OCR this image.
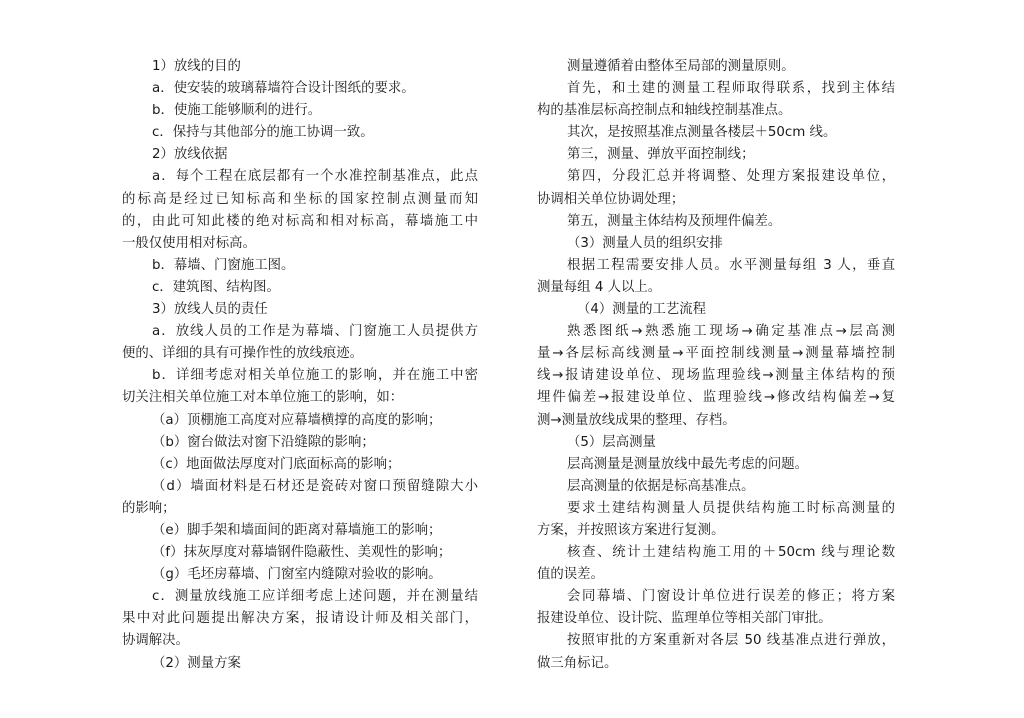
1）放线的目的
a．使安装的玻璃幕墙符合设计图纸的要求。
b．使施工能够顺利的进行。
c．保持与其他部分的施工协调一致。
2）放线依据
a．每个工程在底层都有一个水准控制基准点，此点
的标高是经过已知标高和坐标的国家控制点测量而知
的，由此可知此楼的绝对标高和相对标高，幕墙施工中
一般仅使用相对标高。
b．幕墙、门窗施工图。
c．建筑图、结构图。
3）放线人员的责任
a．放线人员的工作是为幕墙、门窗施工人员提供方
便的、详细的具有可操作性的放线痕迹。
b．详细考虑对相关单位施工的影响，并在施工中密
切关注相关单位施工对本单位施工的影响，如：
（a）顶棚施工高度对应幕墙横撑的高度的影响；
（b）窗台做法对窗下沿缝隙的影响；
（c）地面做法厚度对门底面标高的影响；
（d）墙面材料是石材还是瓷砖对窗口预留缝隙大小
的影响；
（e）脚手架和墙面间的距离对幕墙施工的影响；
（f）抹灰厚度对幕墙钢件隐蔽性、美观性的影响；
（g）毛坯房幕墙、门窗室内缝隙对验收的影响。
c．测量放线施工应详细考虑上述问题，并在测量结
果中对此问题提出解决方案，报请设计师及相关部门，
协调解决。
（2）测量方案
测量遵循着由整体至局部的测量原则。
首先，和土建的测量工程师取得联系，找到主体结
构的基准层标高控制点和轴线控制基准点。
其次，是按照基准点测量各楼层＋50cm 线。
第三，测量、弹放平面控制线；
第四，分段汇总并将调整、处理方案报建设单位，
协调相关单位协调处理；
第五，测量主体结构及预埋件偏差。
（3）测量人员的组织安排
根据工程需要安排人员。水平测量每组 3 人，垂直
测量每组 4 人以上。
（4）测量的工艺流程
熟悉图纸→熟悉施工现场→确定基准点→层高测
量→各层标高线测量→平面控制线测量→测量幕墙控制
线→报请建设单位、现场监理验线→测量主体结构的预
埋件偏差→报建设单位、监理验线→修改结构偏差→复
测→测量放线成果的整理、存档。
（5）层高测量
层高测量是测量放线中最先考虑的问题。
层高测量的依据是标高基准点。
要求土建结构测量人员提供结构施工时标高测量的
方案，并按照该方案进行复测。
核查、统计土建结构施工用的＋50cm 线与理论数
值的误差。
会同幕墙、门窗设计单位进行误差的修正；将方案
报建设单位、设计院、监理单位等相关部门审批。
按照审批的方案重新对各层 50 线基准点进行弹放，
做三角标记。
